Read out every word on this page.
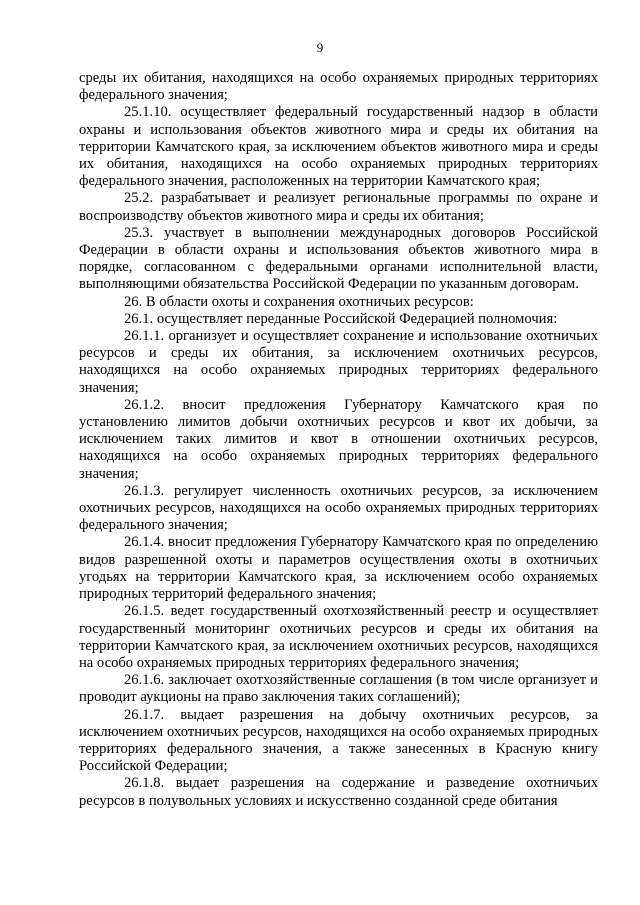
9

среды их обитания, находящихся на особо охраняемых природных территориях федерального значения;

25.1.10. осуществляет федеральный государственный надзор в области охраны и использования объектов животного мира и среды их обитания на территории Камчатского края, за исключением объектов животного мира и среды их обитания, находящихся на особо охраняемых природных территориях федерального значения, расположенных на территории Камчатского края;

25.2. разрабатывает и реализует региональные программы по охране и воспроизводству объектов животного мира и среды их обитания;

25.3. участвует в выполнении международных договоров Российской Федерации в области охраны и использования объектов животного мира в порядке, согласованном с федеральными органами исполнительной власти, выполняющими обязательства Российской Федерации по указанным договорам.

26. В области охоты и сохранения охотничьих ресурсов:

26.1. осуществляет переданные Российской Федерацией полномочия:

26.1.1. организует и осуществляет сохранение и использование охотничьих ресурсов и среды их обитания, за исключением охотничьих ресурсов, находящихся на особо охраняемых природных территориях федерального значения;

26.1.2. вносит предложения Губернатору Камчатского края по установлению лимитов добычи охотничьих ресурсов и квот их добычи, за исключением таких лимитов и квот в отношении охотничьих ресурсов, находящихся на особо охраняемых природных территориях федерального значения;

26.1.3. регулирует численность охотничьих ресурсов, за исключением охотничьих ресурсов, находящихся на особо охраняемых природных территориях федерального значения;

26.1.4. вносит предложения Губернатору Камчатского края по определению видов разрешенной охоты и параметров осуществления охоты в охотничьих угодьях на территории Камчатского края, за исключением особо охраняемых природных территорий федерального значения;

26.1.5. ведет государственный охотхозяйственный реестр и осуществляет государственный мониторинг охотничьих ресурсов и среды их обитания на территории Камчатского края, за исключением охотничьих ресурсов, находящихся на особо охраняемых природных территориях федерального значения;

26.1.6. заключает охотхозяйственные соглашения (в том числе организует и проводит аукционы на право заключения таких соглашений);

26.1.7. выдает разрешения на добычу охотничьих ресурсов, за исключением охотничьих ресурсов, находящихся на особо охраняемых природных территориях федерального значения, а также занесенных в Красную книгу Российской Федерации;

26.1.8. выдает разрешения на содержание и разведение охотничьих ресурсов в полувольных условиях и искусственно созданной среде обитания
